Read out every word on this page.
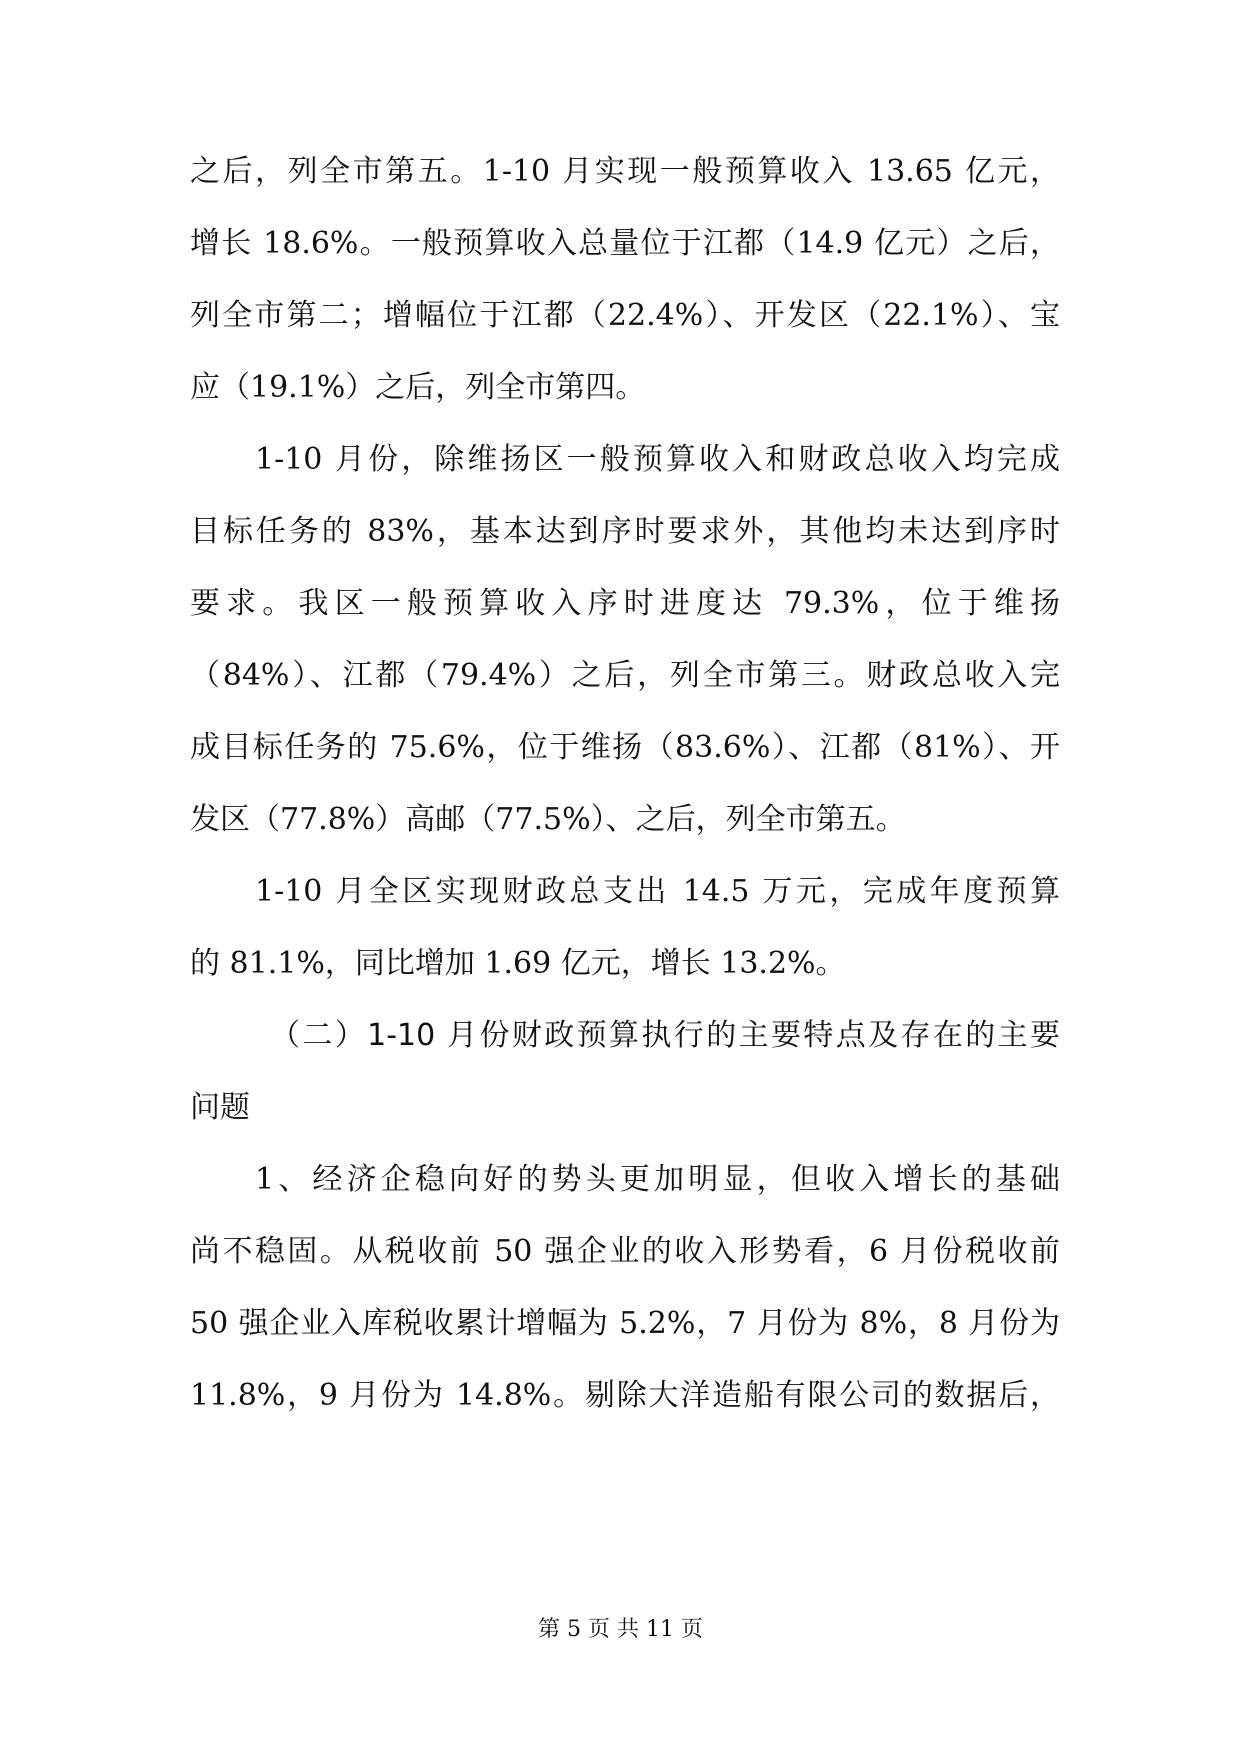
之后，列全市第五。1-10 月实现一般预算收入 13.65 亿元，
增长 18.6%。一般预算收入总量位于江都（14.9 亿元）之后，
列全市第二；增幅位于江都（22.4%）、开发区（22.1%）、宝
应（19.1%）之后，列全市第四。
1-10 月份，除维扬区一般预算收入和财政总收入均完成
目标任务的 83%，基本达到序时要求外，其他均未达到序时
要求。我区一般预算收入序时进度达 79.3%，位于维扬
（84%）、江都（79.4%）之后，列全市第三。财政总收入完
成目标任务的 75.6%，位于维扬（83.6%）、江都（81%）、开
发区（77.8%）高邮（77.5%）、之后，列全市第五。
1-10 月全区实现财政总支出 14.5 万元，完成年度预算
的 81.1%，同比增加 1.69 亿元，增长 13.2%。
（二）1-10 月份财政预算执行的主要特点及存在的主要
问题
1、经济企稳向好的势头更加明显，但收入增长的基础
尚不稳固。从税收前 50 强企业的收入形势看，6 月份税收前
50 强企业入库税收累计增幅为 5.2%，7 月份为 8%，8 月份为
11.8%，9 月份为 14.8%。剔除大洋造船有限公司的数据后，
第 5 页 共 11 页
